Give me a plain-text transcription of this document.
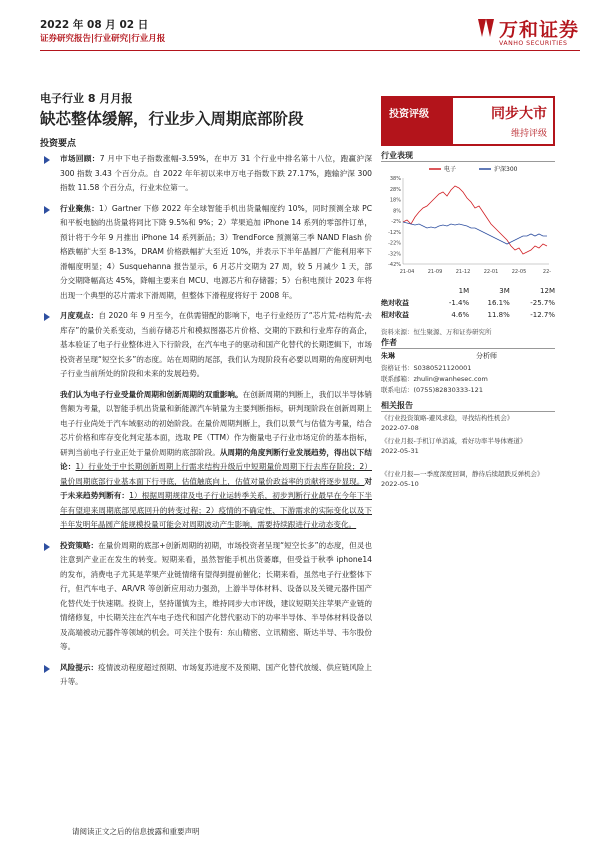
2022 年 08 月 02 日
证券研究报告|行业研究|行业月报	万和证券
VANHO SECURITIES
电子行业 8 月月报
缺芯整体缓解，行业步入周期底部阶段
投资要点
市场回顾：7 月中下电子指数涨幅-3.59%，在申万 31 个行业中排名第十八位，跑赢沪深 300 指数 3.43 个百分点。自 2022 年年初以来申万电子指数下跌 27.17%，跑输沪深 300 指数 11.58 个百分点，行业未位第一。
行业聚焦：1）Gartner 下修 2022 年全球智能手机出货量幅度约 10%，同时预测全球 PC 和平板电脑的出货量将同比下降 9.5%和 9%；2）苹果追加 iPhone 14 系列的零部件订单，预计将于今年 9 月推出 iPhone 14 系列新品；3）TrendForce 预测第三季 NAND Flash 价格跌幅扩大至 8-13%，DRAM 价格跌幅扩大至近 10%，并表示下半年晶圆厂产能利用率下滑幅度明显；4）Susquehanna 报告显示，6 月芯片交期为 27 周，较 5 月减少 1 天，部分交期降幅高达 45%，降幅主要来自 MCU、电源芯片和存储器；5）台积电预计 2023 年将出现一个典型的芯片需求下滑周期，但整体下滑程度将好于 2008 年。
月度观点：自 2020 年 9 月至今，在供需错配的影响下，电子行业经历了“芯片荒-结构荒-去库存”的量价关系变动，当前存储芯片和模拟图器芯片价格、交期的下跌和行业库存的高企，基本验证了电子行业整体进入下行阶段，在汽车电子的驱动和国产化替代的长期逻辑下，市场投资者呈现“短空长多”的态度。站在周期的尾部，我们认为现阶段有必要以周期的角度研判电子行业当前所处的阶段和未来的发展趋势。
我们认为电子行业受量价周期和创新周期的双重影响。在创新周期的判断上，我们以半导体销售额为考量，以智能手机出货量和新能源汽车销量为主要判断指标，研判现阶段在创新周期上电子行业尚处于汽车域驱动的初始阶段。在量价周期判断上，我们以景气与估值为考量，结合芯片价格和库存变化判定基本面，选取 PE（TTM）作为衡量电子行业市场定价的基本指标，研判当前电子行业正处于量价周期的底部阶段。从周期的角度判断行业发展趋势，得出以下结论：1）行业处于中长期创新周期上行需求结构升级后中短期量价周期下行去库存阶段；2）量价周期底部行业基本面下行寻底，估值触底向上，估值对量价政益率的贡献将逐步显现。对于未来趋势判断有：1）根据周期规律及电子行业运转季关系，初步判断行业最早在今年下半年有望迎来周期底部见底回升的转变过程；2）疫情的不确定性、下游需求的实际变化以及下半年发明年晶圆产能规模投量可能会对周期波动产生影响，需要持续跟进行业动态变化。
投资策略：在量价周期的底部+创新周期的初期，市场投资者呈现“短空长多”的态度，但灵也注意到产业正在发生的转变。短期来看，虽然智能手机出货萎靡，但受益于秋季 iphone14 的发布，消费电子尤其是苹果产业链情绪有望得到提前催化；长期来看，虽然电子行业整体下行，但汽车电子、AR/VR 等创新应用动力强劲，上游半导体材料、设备以及关键元器件国产化替代处于快速期。投资上，坚持谨慎为主，维持同步大市评级，建议短期关注苹果产业链的情绪修复，中长期关注在汽车电子迭代和国产化替代驱动下的功率半导体、半导体材料设备以及高端被动元器件等领域的机会。可关注个股有：东山精密、立讯精密、斯达半导、韦尔股份等。
风险提示：疫情波动程度超过预期、市场复苏进度不及预期、国产化替代放缓、供应链风险上升等。
投资评级	同步大市
维持评级
行业表现
电子	沪深300
38%
28%
18%
8%
-2%
-12%
-22%
-32%
-42%
21-04	21-09	21-12	22-01	22-05	22-
	1M	3M	12M
绝对收益	-1.4%	16.1%	-25.7%
相对收益	4.6%	11.8%	-12.7%
资料来源：恒生聚源、万和证券研究所
作者
朱琳	分析师
资格证书：S0380521120001
联系邮箱：zhulin@wanhesec.com
联系电话：(0755)82830333-121
相关报告
《行业投资策略-避风求稳，寻找结构性机会》
2022-07-08
《行业月报-手机订单消减，看好功率半导体赛道》
2022-05-31
《行业月报—一季度深度回调，静待后续超跌反弹机会》
2022-05-10
请阅读正文之后的信息披露和重要声明
